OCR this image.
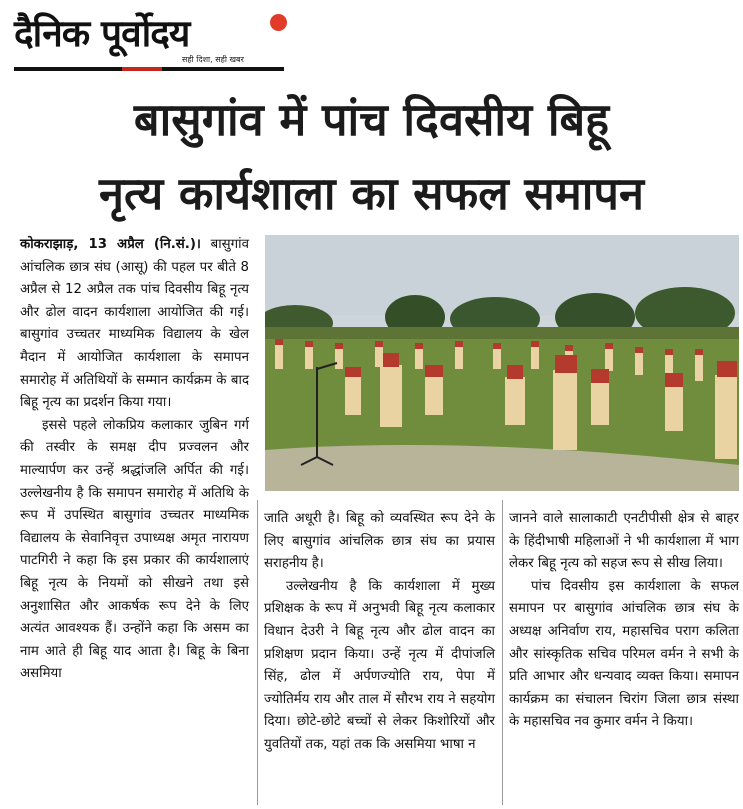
दैनिक पूर्वोदय
सही दिशा, सही खबर
बासुगांव में पांच दिवसीय बिहू
नृत्य कार्यशाला का सफल समापन

कोकराझाड़, 13 अप्रैल (नि.सं.)। बासुगांव आंचलिक छात्र संघ (आसू) की पहल पर बीते 8 अप्रैल से 12 अप्रैल तक पांच दिवसीय बिहू नृत्य और ढोल वादन कार्यशाला आयोजित की गई। बासुगांव उच्चतर माध्यमिक विद्यालय के खेल मैदान में आयोजित कार्यशाला के समापन समारोह में अतिथियों के सम्मान कार्यक्रम के बाद बिहू नृत्य का प्रदर्शन किया गया।

इससे पहले लोकप्रिय कलाकार जुबिन गर्ग की तस्वीर के समक्ष दीप प्रज्वलन और माल्यार्पण कर उन्हें श्रद्धांजलि अर्पित की गई। उल्लेखनीय है कि समापन समारोह में अतिथि के रूप में उपस्थित बासुगांव उच्चतर माध्यमिक विद्यालय के सेवानिवृत्त उपाध्यक्ष अमृत नारायण पाटगिरी ने कहा कि इस प्रकार की कार्यशालाएं बिहू नृत्य के नियमों को सीखने तथा इसे अनुशासित और आकर्षक रूप देने के लिए अत्यंत आवश्यक हैं। उन्होंने कहा कि असम का नाम आते ही बिहू याद आता है। बिहू के बिना असमिया

जाति अधूरी है। बिहू को व्यवस्थित रूप देने के लिए बासुगांव आंचलिक छात्र संघ का प्रयास सराहनीय है।

उल्लेखनीय है कि कार्यशाला में मुख्य प्रशिक्षक के रूप में अनुभवी बिहू नृत्य कलाकार विधान देउरी ने बिहू नृत्य और ढोल वादन का प्रशिक्षण प्रदान किया। उन्हें नृत्य में दीपांजलि सिंह, ढोल में अर्पणज्योति राय, पेपा में ज्योतिर्मय राय और ताल में सौरभ राय ने सहयोग दिया। छोटे-छोटे बच्चों से लेकर किशोरियों और युवतियों तक, यहां तक कि असमिया भाषा न

जानने वाले सालाकाटी एनटीपीसी क्षेत्र से बाहर के हिंदीभाषी महिलाओं ने भी कार्यशाला में भाग लेकर बिहू नृत्य को सहज रूप से सीख लिया।

पांच दिवसीय इस कार्यशाला के सफल समापन पर बासुगांव आंचलिक छात्र संघ के अध्यक्ष अनिर्वाण राय, महासचिव पराग कलिता और सांस्कृतिक सचिव परिमल वर्मन ने सभी के प्रति आभार और धन्यवाद व्यक्त किया। समापन कार्यक्रम का संचालन चिरांग जिला छात्र संस्था के महासचिव नव कुमार वर्मन ने किया।
